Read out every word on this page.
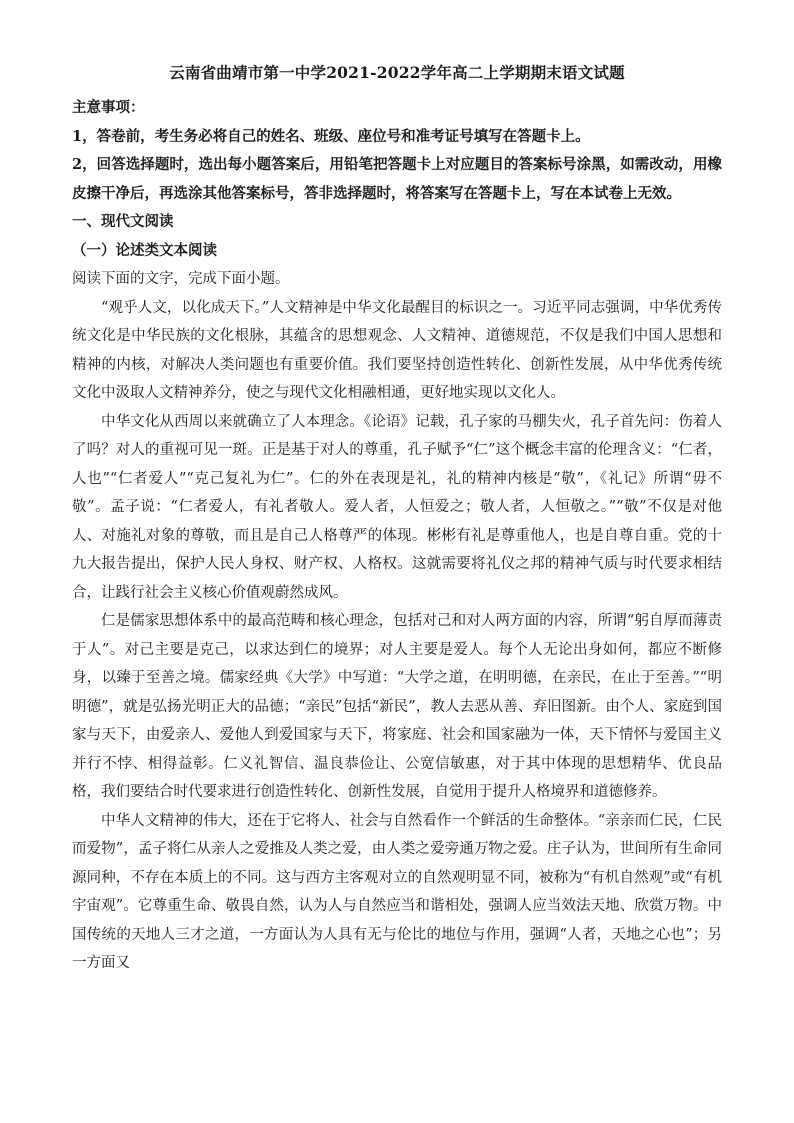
云南省曲靖市第一中学2021-2022学年高二上学期期末语文试题

主意事项：

1，答卷前，考生务必将自己的姓名、班级、座位号和准考证号填写在答题卡上。

2，回答选择题时，选出每小题答案后，用铅笔把答题卡上对应题目的答案标号涂黑，如需改动，用橡皮擦干净后，再选涂其他答案标号，答非选择题时，将答案写在答题卡上，写在本试卷上无效。

一、现代文阅读

（一）论述类文本阅读

阅读下面的文字，完成下面小题。

“观乎人文，以化成天下。”人文精神是中华文化最醒目的标识之一。习近平同志强调，中华优秀传统文化是中华民族的文化根脉，其蕴含的思想观念、人文精神、道德规范，不仅是我们中国人思想和精神的内核，对解决人类问题也有重要价值。我们要坚持创造性转化、创新性发展，从中华优秀传统文化中汲取人文精神养分，使之与现代文化相融相通，更好地实现以文化人。

中华文化从西周以来就确立了人本理念。《论语》记载，孔子家的马棚失火，孔子首先问：伤着人了吗？对人的重视可见一斑。正是基于对人的尊重，孔子赋予“仁”这个概念丰富的伦理含义：“仁者，人也”“仁者爱人”“克己复礼为仁”。仁的外在表现是礼，礼的精神内核是“敬”，《礼记》所谓“毋不敬”。孟子说：“仁者爱人，有礼者敬人。爱人者，人恒爱之；敬人者，人恒敬之。”“敬”不仅是对他人、对施礼对象的尊敬，而且是自己人格尊严的体现。彬彬有礼是尊重他人，也是自尊自重。党的十九大报告提出，保护人民人身权、财产权、人格权。这就需要将礼仪之邦的精神气质与时代要求相结合，让践行社会主义核心价值观蔚然成风。

仁是儒家思想体系中的最高范畴和核心理念，包括对己和对人两方面的内容，所谓“躬自厚而薄责于人”。对己主要是克己，以求达到仁的境界；对人主要是爱人。每个人无论出身如何，都应不断修身，以臻于至善之境。儒家经典《大学》中写道：“大学之道，在明明德，在亲民，在止于至善。”“明明德”，就是弘扬光明正大的品德；“亲民”包括“新民”，教人去恶从善、弃旧图新。由个人、家庭到国家与天下，由爱亲人、爱他人到爱国家与天下，将家庭、社会和国家融为一体，天下情怀与爱国主义并行不悖、相得益彰。仁义礼智信、温良恭俭让、公宽信敏惠，对于其中体现的思想精华、优良品格，我们要结合时代要求进行创造性转化、创新性发展，自觉用于提升人格境界和道德修养。

中华人文精神的伟大，还在于它将人、社会与自然看作一个鲜活的生命整体。“亲亲而仁民，仁民而爱物”，孟子将仁从亲人之爱推及人类之爱，由人类之爱旁通万物之爱。庄子认为，世间所有生命同源同种，不存在本质上的不同。这与西方主客观对立的自然观明显不同，被称为“有机自然观”或“有机宇宙观”。它尊重生命、敬畏自然，认为人与自然应当和谐相处，强调人应当效法天地、欣赏万物。中国传统的天地人三才之道，一方面认为人具有无与伦比的地位与作用，强调“人者，天地之心也”；另一方面又
